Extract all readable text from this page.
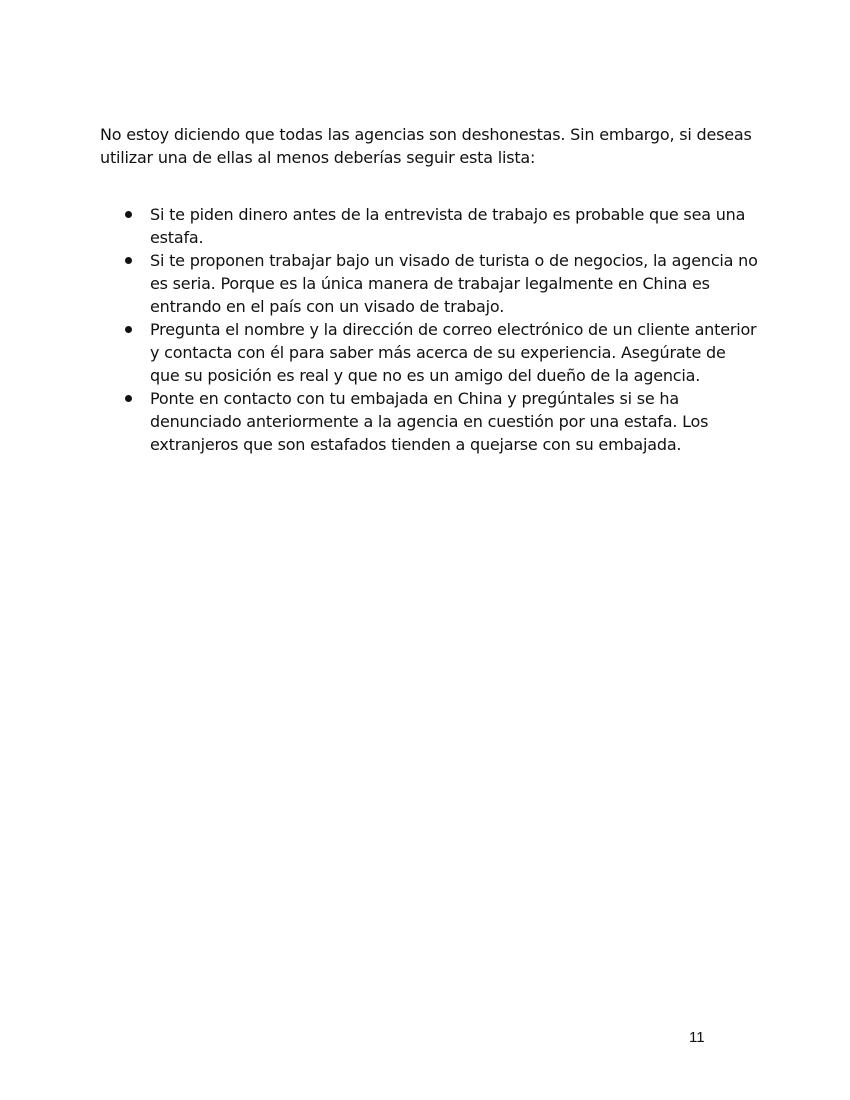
No estoy diciendo que todas las agencias son deshonestas. Sin embargo, si deseas utilizar una de ellas al menos deberías seguir esta lista:

Si te piden dinero antes de la entrevista de trabajo es probable que sea una estafa.
Si te proponen trabajar bajo un visado de turista o de negocios, la agencia no es seria. Porque es la única manera de trabajar legalmente en China es entrando en el país con un visado de trabajo.
Pregunta el nombre y la dirección de correo electrónico de un cliente anterior y contacta con él para saber más acerca de su experiencia. Asegúrate de que su posición es real y que no es un amigo del dueño de la agencia.
Ponte en contacto con tu embajada en China y pregúntales si se ha denunciado anteriormente a la agencia en cuestión por una estafa. Los extranjeros que son estafados tienden a quejarse con su embajada.
11
